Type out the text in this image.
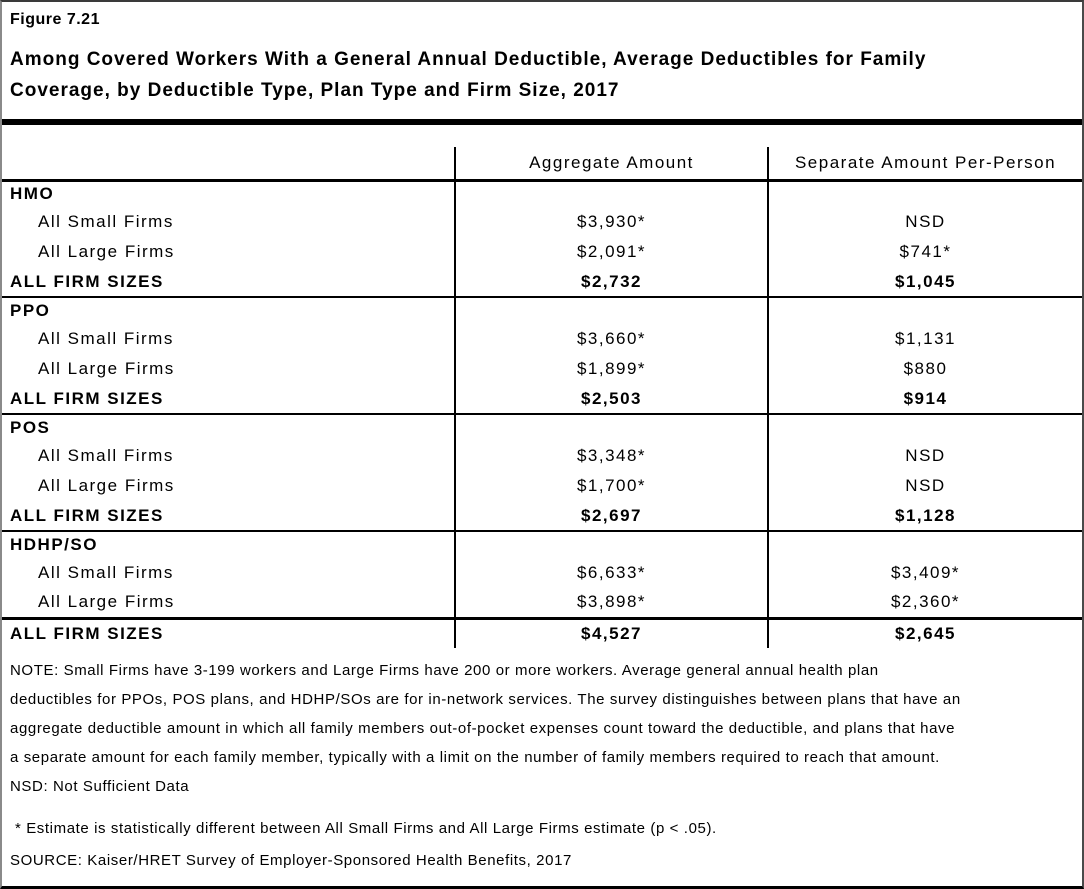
Figure 7.21
Among Covered Workers With a General Annual Deductible, Average Deductibles for Family
Coverage, by Deductible Type, Plan Type and Firm Size, 2017
	Aggregate Amount	Separate Amount Per-Person
HMO		
All Small Firms	$3,930*	NSD
All Large Firms	$2,091*	$741*
ALL FIRM SIZES	$2,732	$1,045
PPO		
All Small Firms	$3,660*	$1,131
All Large Firms	$1,899*	$880
ALL FIRM SIZES	$2,503	$914
POS		
All Small Firms	$3,348*	NSD
All Large Firms	$1,700*	NSD
ALL FIRM SIZES	$2,697	$1,128
HDHP/SO		
All Small Firms	$6,633*	$3,409*
All Large Firms	$3,898*	$2,360*
ALL FIRM SIZES	$4,527	$2,645
NOTE: Small Firms have 3-199 workers and Large Firms have 200 or more workers. Average general annual health plan
deductibles for PPOs, POS plans, and HDHP/SOs are for in-network services. The survey distinguishes between plans that have an
aggregate deductible amount in which all family members out-of-pocket expenses count toward the deductible, and plans that have
a separate amount for each family member, typically with a limit on the number of family members required to reach that amount.
NSD: Not Sufficient Data
* Estimate is statistically different between All Small Firms and All Large Firms estimate (p < .05).
SOURCE: Kaiser/HRET Survey of Employer-Sponsored Health Benefits, 2017
